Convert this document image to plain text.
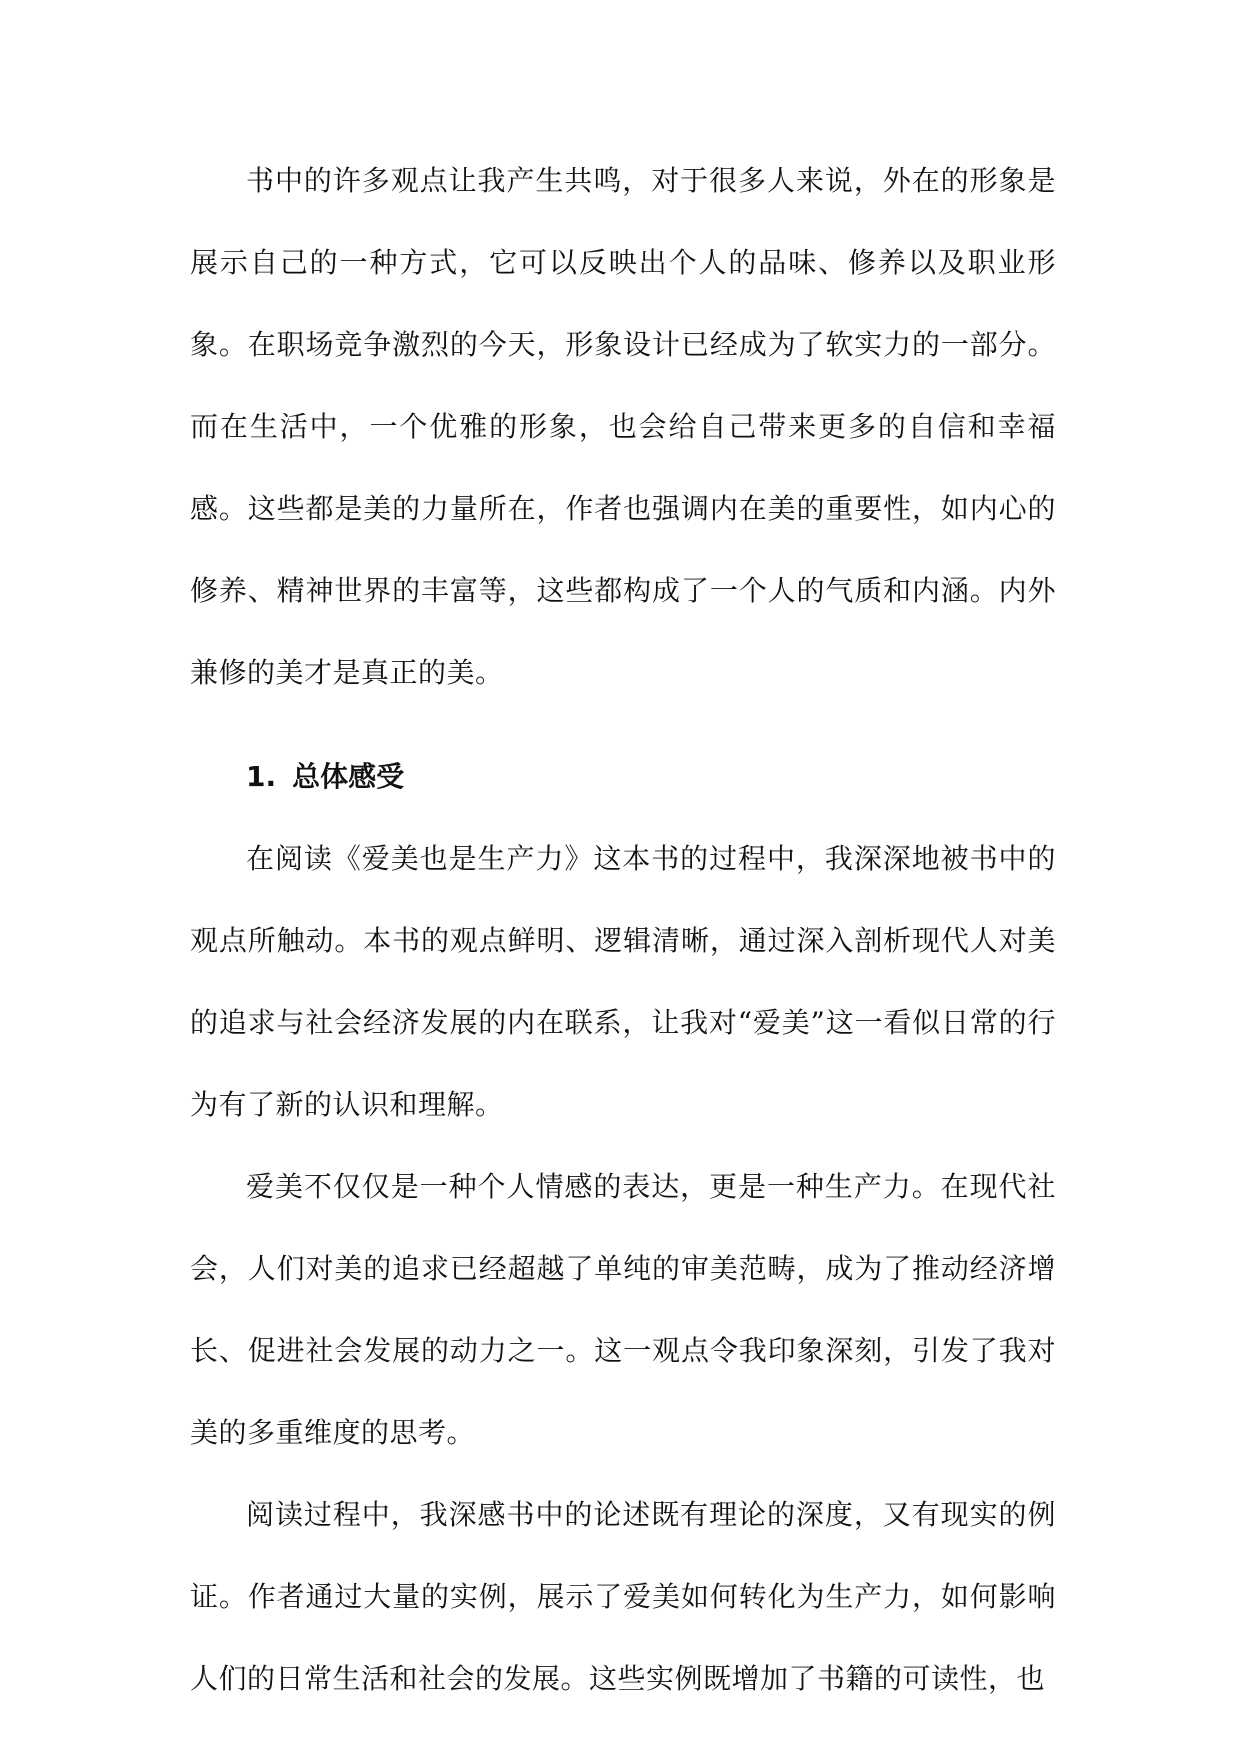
书中的许多观点让我产生共鸣，对于很多人来说，外在的形象是展示自己的一种方式，它可以反映出个人的品味、修养以及职业形象。在职场竞争激烈的今天，形象设计已经成为了软实力的一部分。而在生活中，一个优雅的形象，也会给自己带来更多的自信和幸福感。这些都是美的力量所在，作者也强调内在美的重要性，如内心的修养、精神世界的丰富等，这些都构成了一个人的气质和内涵。内外兼修的美才是真正的美。

1. 总体感受

在阅读《爱美也是生产力》这本书的过程中，我深深地被书中的观点所触动。本书的观点鲜明、逻辑清晰，通过深入剖析现代人对美的追求与社会经济发展的内在联系，让我对“爱美”这一看似日常的行为有了新的认识和理解。

爱美不仅仅是一种个人情感的表达，更是一种生产力。在现代社会，人们对美的追求已经超越了单纯的审美范畴，成为了推动经济增长、促进社会发展的动力之一。这一观点令我印象深刻，引发了我对美的多重维度的思考。

阅读过程中，我深感书中的论述既有理论的深度，又有现实的例证。作者通过大量的实例，展示了爱美如何转化为生产力，如何影响人们的日常生活和社会的发展。这些实例既增加了书籍的可读性，也
